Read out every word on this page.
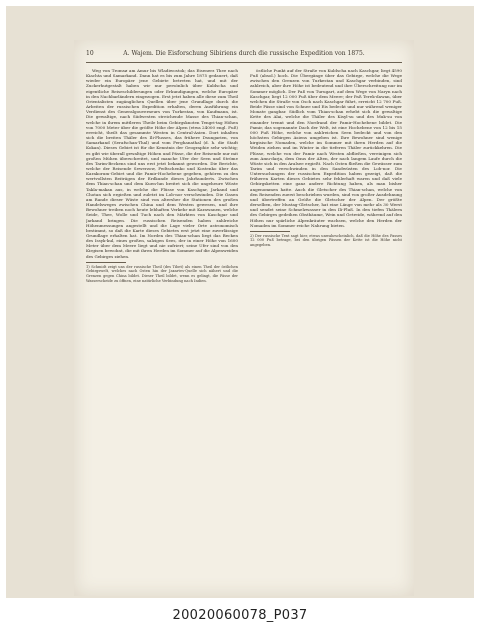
10	A. Wajem. Die Eisforschung Sibiriens durch die russische Expedition von 1875.

Weg von Tromsø am Amur bis Wladiwostok; das Eisenerz Thee nach Kiachta und Samarkand. Dann hat es bis zum Jahre 1875 gedauert, daß wieder ein Europäer jene Gebiete betreten hat, und mit der Zuckerhutgestalt haben wir nur persönlich über Kuldscha und eigentliche Reiseschilderungen oder Erkundigungen, welche Europäer in den Nachbarländern eingezogen. Erst jetzt haben alle diese zum Theil Orientalisten zugänglichen Quellen über jene Grundlage durch die Arbeiten der russischen Expedition erhalten, deren Ausführung ein Verdienst des Generalgouverneurs von Turkestan, von Kaufmann, ist. Die gewaltige, nach Südwesten streichende Masse des Thian-schan, welche in ihrem mittleren Theile beim Gebirgsknoten Tengri-tag Höhen von 7000 Meter über die größte Höhe der Alpen (etwa 24000 engl. Fuß) erreicht, theilt das gesammte Westen in Central-Asien. Dort inhalten sich die breiten Thäler des Ili-Flusses, das frühere Dsungarien, von Samarkand (Serafschan-Thal) und vom Ferghanathal (d. h. die Stadt Kokan). Dieses Gebiet ist für die Kenntnis der Geographie sehr wichtig; es gibt wie überall gewaltige Höhen und Pässe, die der Reisende nur mit großen Mühen überschreitet, und manche Ufer der Seen und Ströme des Tarim-Beckens sind uns erst jetzt bekannt geworden. Die Berichte, welche der Reisende Sewerzow, Fedtschenko und Kostenko über das Karakorum-Gebiet und die Pamir-Hochebene gegeben, gehören zu den wertvollsten Beiträgen der Erdkunde dieses Jahrhunderts. Zwischen dem Thian-schan und dem Kuen-lun breitet sich die ungeheure Wüste Takla-makan aus, in welche die Flüsse von Kaschgar, Jarkand und Chotan sich ergießen und zuletzt im Lob-nor verschwinden. Die Oasen am Rande dieser Wüste sind von altersher die Stationen des großen Handelsweges zwischen China und dem Westen gewesen, und ihre Bewohner treiben noch heute lebhaften Verkehr mit Karawanen, welche Seide, Thee, Wolle und Tuch nach den Märkten von Kaschgar und Jarkand bringen. Die russischen Reisenden haben zahlreiche Höhenmessungen angestellt und die Lage vieler Orte astronomisch bestimmt, so daß die Karte dieses Gebietes erst jetzt eine zuverlässige Grundlage erhalten hat. Im Norden des Thian-schan liegt das Becken des Issyk-kul, eines großen, salzigen Sees, der in einer Höhe von 1600 Meter über dem Meere liegt und nie zufriert; seine Ufer sind von den Kirgisen bewohnt, die mit ihren Herden im Sommer auf die Alpenweiden des Gebirges ziehen.

1) Schmidt zeigt uns der russische Theil (des Tibet) als einen Theil der östlichen Gebirgswelt, welches nach Osten hin der Jaxartes-Quelle sich nähert und die Grenzen gegen China bildet. Dieser Theil bildet, wenn es gelingt, die Pässe der Wasserscheide zu öffnen, eine natürliche Verbindung nach Indien.

östliche Punkt auf der Straße von Kuldscha nach Kaschgar, liegt 4590 Fuß (absol.) hoch. Die Übergänge über das Gebirge, welche die Wege zwischen den Grenzen von Turkestan und Kaschgar verbinden, sind zahlreich, aber ihre Höhe ist bedeutend und ihre Überschreitung nur im Sommer möglich. Der Paß von Turugart, auf dem Wege von Naryn nach Kaschgar, liegt 12 000 Fuß über dem Meere; der Paß Terek-dawan, über welchen die Straße von Osch nach Kaschgar führt, erreicht 12 700 Fuß. Beide Pässe sind von Schnee und Eis bedeckt und nur während weniger Monate gangbar. Südlich vom Thian-schan erhebt sich die gewaltige Kette des Alai, welche die Thäler des Kisyl-su und des Muk-su von einander trennt und den Nordrand der Pamir-Hochebene bildet. Die Pamir, das sogenannte Dach der Welt, ist eine Hochebene von 12 bis 15 000 Fuß Höhe, welche von zahlreichen Seen bedeckt und von den höchsten Gebirgen Asiens umgeben ist. Ihre Bewohner sind wenige kirgisische Nomaden, welche im Sommer mit ihren Herden auf die Weiden ziehen und im Winter in die tieferen Thäler zurückkehren. Die Flüsse, welche von der Pamir nach Westen abfließen, vereinigen sich zum Amu-darja, dem Oxus der Alten, der nach langem Laufe durch die Wüste sich in den Aralsee ergießt. Nach Osten fließen die Gewässer zum Tarim und verschwinden in den Sandwüsten des Lob-nor. Die Untersuchungen der russischen Expedition haben gezeigt, daß die früheren Karten dieses Gebietes sehr fehlerhaft waren und daß viele Gebirgsketten eine ganz andere Richtung haben, als man bisher angenommen hatte. Auch die Gletscher des Thian-schan, welche von den Reisenden zuerst beschrieben wurden, sind von großer Ausdehnung und übertreffen an Größe die Gletscher der Alpen. Der größte derselben, der Mustag-Gletscher, hat eine Länge von mehr als 30 Werst und sendet seine Schmelzwasser in den Ili-Fluß. In den tiefen Thälern des Gebirges gedeihen Obstbäume, Wein und Getreide, während auf den Höhen nur spärliche Alpenkräuter wachsen, welche den Herden der Nomaden im Sommer reiche Nahrung bieten.

2) Der russische Text sagt hier, etwas unwahrscheinlich, daß die Höhe des Passes 12 000 Fuß betrage, bei den übrigen Pässen der Kette ist die Höhe nicht angegeben.
20020060078_P037
